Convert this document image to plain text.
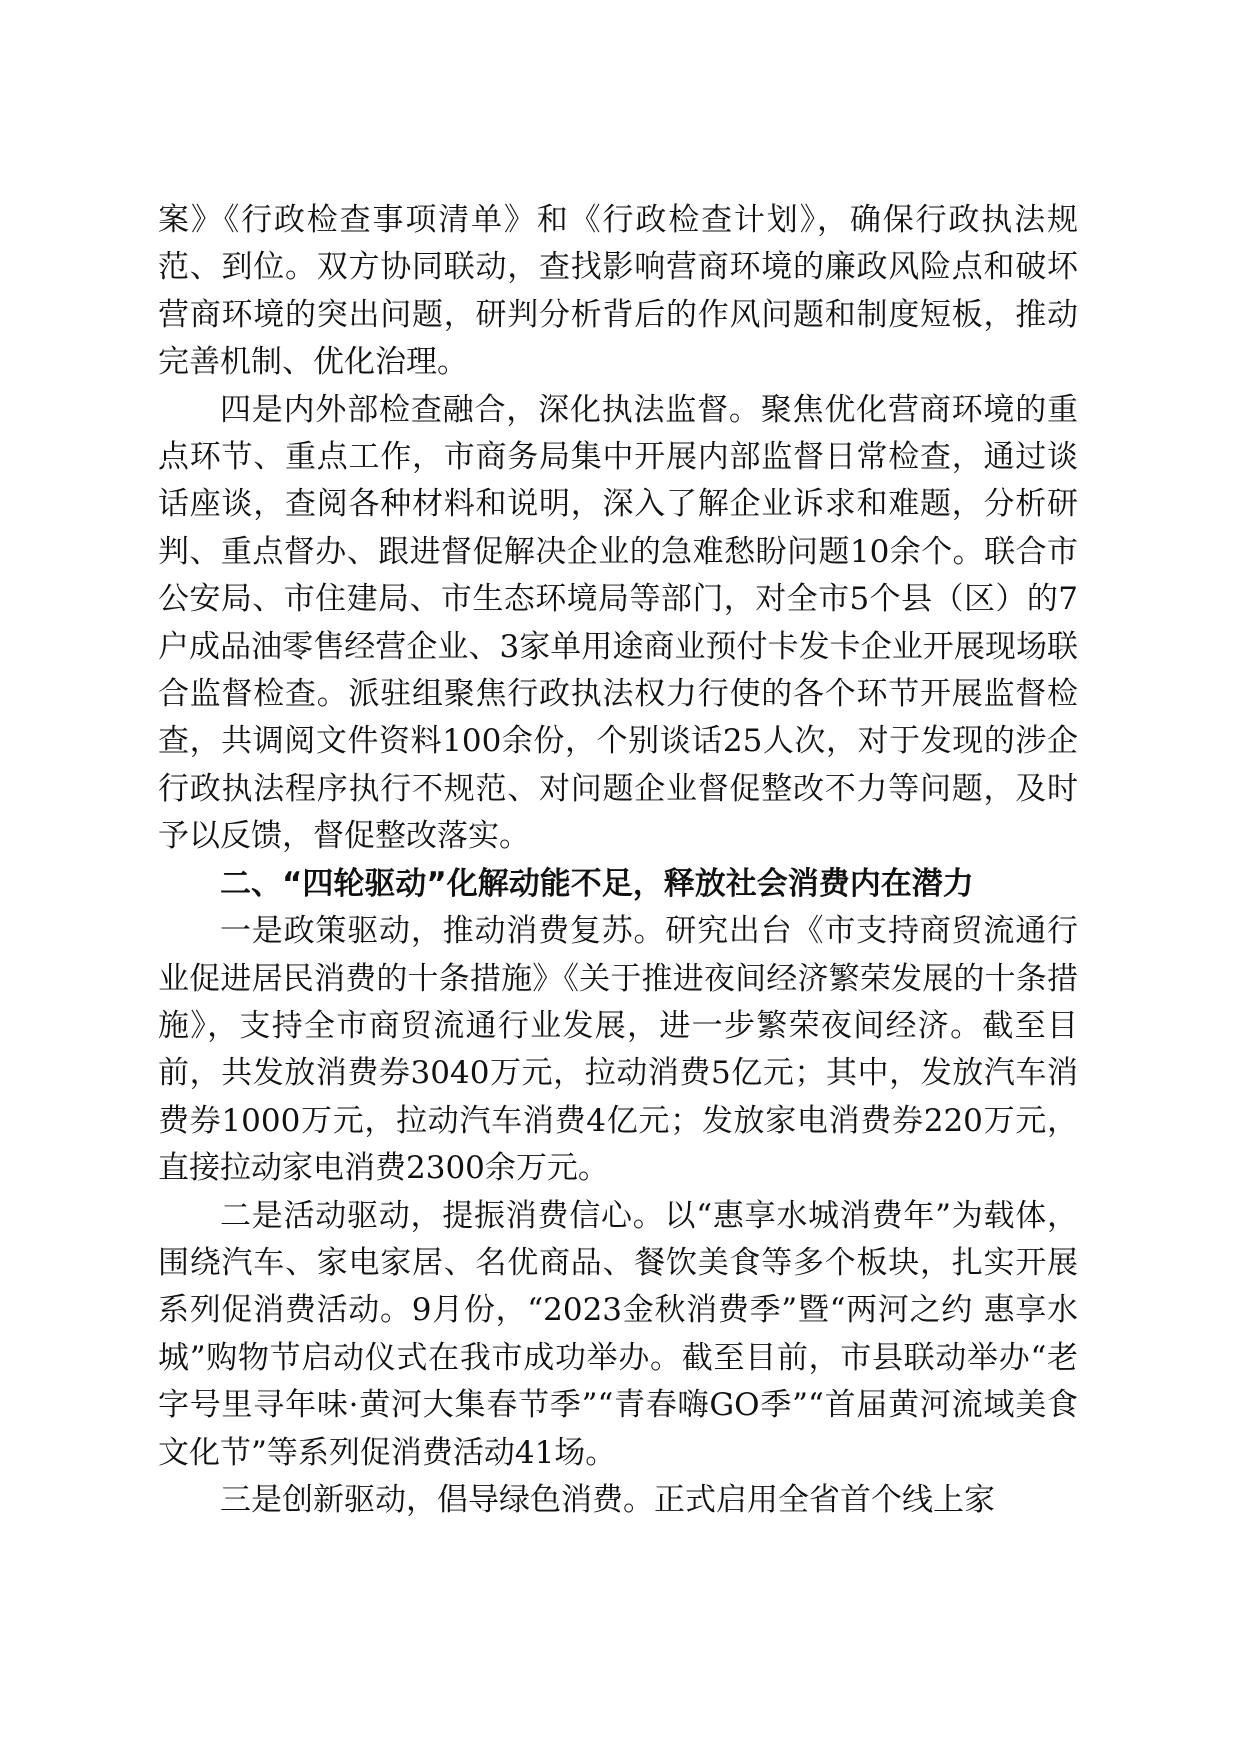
案》《行政检查事项清单》和《行政检查计划》，确保行政执法规范、到位。双方协同联动，查找影响营商环境的廉政风险点和破坏营商环境的突出问题，研判分析背后的作风问题和制度短板，推动完善机制、优化治理。

四是内外部检查融合，深化执法监督。聚焦优化营商环境的重点环节、重点工作，市商务局集中开展内部监督日常检查，通过谈话座谈，查阅各种材料和说明，深入了解企业诉求和难题，分析研判、重点督办、跟进督促解决企业的急难愁盼问题10余个。联合市公安局、市住建局、市生态环境局等部门，对全市5个县（区）的7户成品油零售经营企业、3家单用途商业预付卡发卡企业开展现场联合监督检查。派驻组聚焦行政执法权力行使的各个环节开展监督检查，共调阅文件资料100余份，个别谈话25人次，对于发现的涉企行政执法程序执行不规范、对问题企业督促整改不力等问题，及时予以反馈，督促整改落实。

二、“四轮驱动”化解动能不足，释放社会消费内在潜力

一是政策驱动，推动消费复苏。研究出台《市支持商贸流通行业促进居民消费的十条措施》《关于推进夜间经济繁荣发展的十条措施》，支持全市商贸流通行业发展，进一步繁荣夜间经济。截至目前，共发放消费券3040万元，拉动消费5亿元；其中，发放汽车消费券1000万元，拉动汽车消费4亿元；发放家电消费券220万元，直接拉动家电消费2300余万元。

二是活动驱动，提振消费信心。以“惠享水城消费年”为载体，围绕汽车、家电家居、名优商品、餐饮美食等多个板块，扎实开展系列促消费活动。9月份，“2023金秋消费季”暨“两河之约 惠享水城”购物节启动仪式在我市成功举办。截至目前，市县联动举办“老字号里寻年味·黄河大集春节季”“青春嗨GO季”“首届黄河流域美食文化节”等系列促消费活动41场。

三是创新驱动，倡导绿色消费。正式启用全省首个线上家
